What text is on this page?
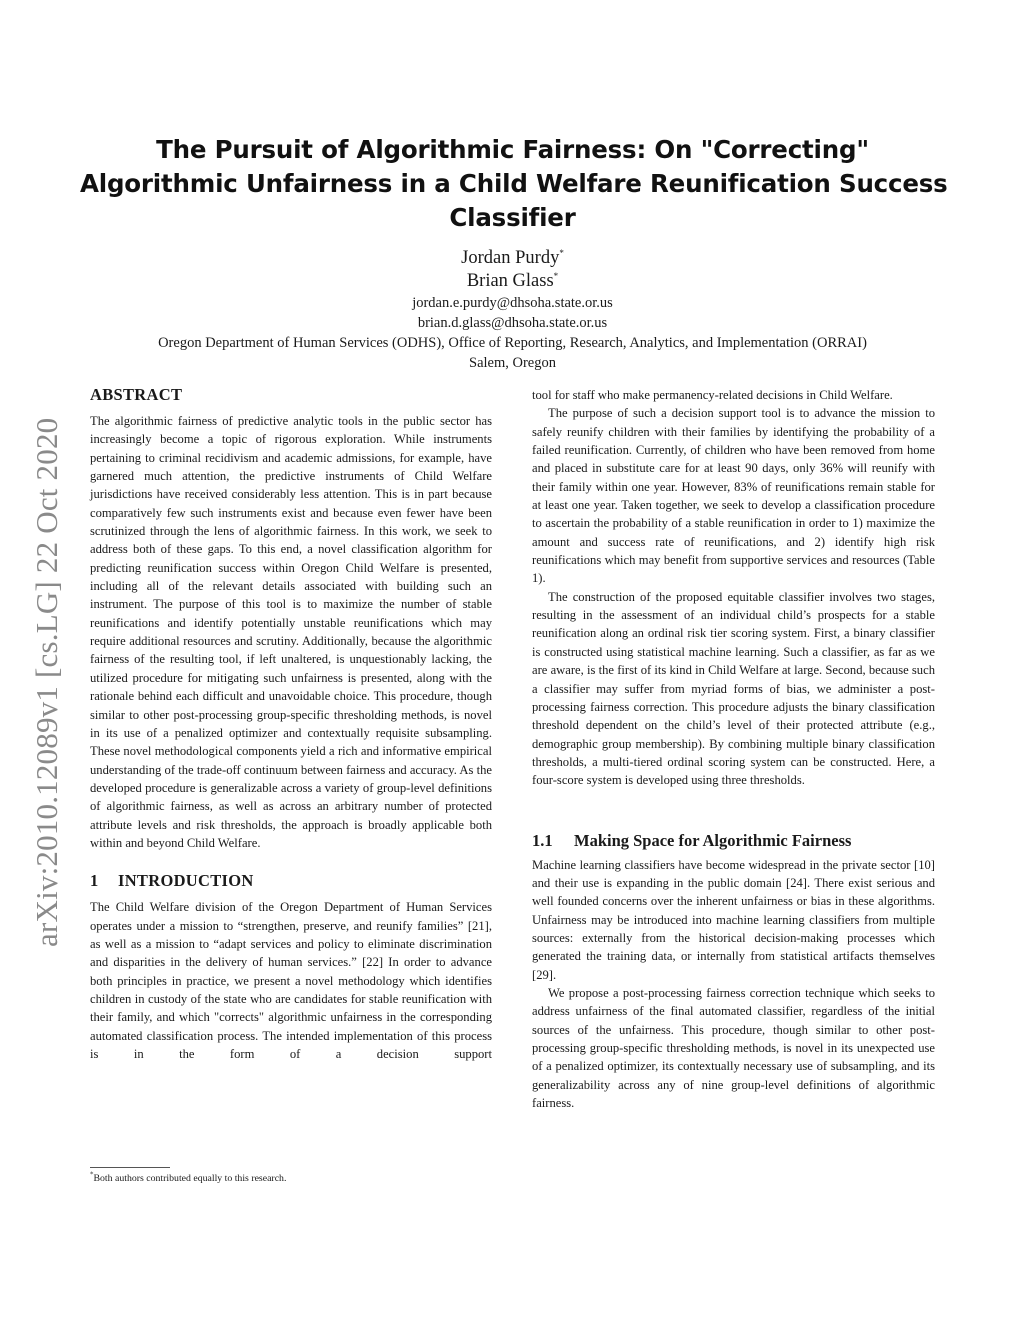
arXiv:2010.12089v1 [cs.LG] 22 Oct 2020
The Pursuit of Algorithmic Fairness: On "Correcting"
Algorithmic Unfairness in a Child Welfare Reunification Success
Classifier
Jordan Purdy*
Brian Glass*
jordan.e.purdy@dhsoha.state.or.us
brian.d.glass@dhsoha.state.or.us
Oregon Department of Human Services (ODHS), Office of Reporting, Research, Analytics, and Implementation (ORRAI)
Salem, Oregon
ABSTRACT

The algorithmic fairness of predictive analytic tools in the public sector has increasingly become a topic of rigorous exploration. While instruments pertaining to criminal recidivism and academic admissions, for example, have garnered much attention, the predictive instruments of Child Welfare jurisdictions have received considerably less attention. This is in part because comparatively few such instruments exist and because even fewer have been scrutinized through the lens of algorithmic fairness. In this work, we seek to address both of these gaps. To this end, a novel classification algorithm for predicting reunification success within Oregon Child Welfare is presented, including all of the relevant details associated with building such an instrument. The purpose of this tool is to maximize the number of stable reunifications and identify potentially unstable reunifications which may require additional resources and scrutiny. Additionally, because the algorithmic fairness of the resulting tool, if left unaltered, is unquestionably lacking, the utilized procedure for mitigating such unfairness is presented, along with the rationale behind each difficult and unavoidable choice. This procedure, though similar to other post-processing group-specific thresholding methods, is novel in its use of a penalized optimizer and contextually requisite subsampling. These novel methodological components yield a rich and informative empirical understanding of the trade-off continuum between fairness and accuracy. As the developed procedure is generalizable across a variety of group-level definitions of algorithmic fairness, as well as across an arbitrary number of protected attribute levels and risk thresholds, the approach is broadly applicable both within and beyond Child Welfare.

1 INTRODUCTION

The Child Welfare division of the Oregon Department of Human Services operates under a mission to “strengthen, preserve, and reunify families” [21], as well as a mission to “adapt services and policy to eliminate discrimination and disparities in the delivery of human services.” [22] In order to advance both principles in practice, we present a novel methodology which identifies children in custody of the state who are candidates for stable reunification with their family, and which "corrects" algorithmic unfairness in the corresponding automated classification process. The intended implementation of this process is in the form of a decision support

tool for staff who make permanency-related decisions in Child Welfare.

The purpose of such a decision support tool is to advance the mission to safely reunify children with their families by identifying the probability of a failed reunification. Currently, of children who have been removed from home and placed in substitute care for at least 90 days, only 36% will reunify with their family within one year. However, 83% of reunifications remain stable for at least one year. Taken together, we seek to develop a classification procedure to ascertain the probability of a stable reunification in order to 1) maximize the amount and success rate of reunifications, and 2) identify high risk reunifications which may benefit from supportive services and resources (Table 1).

The construction of the proposed equitable classifier involves two stages, resulting in the assessment of an individual child’s prospects for a stable reunification along an ordinal risk tier scoring system. First, a binary classifier is constructed using statistical machine learning. Such a classifier, as far as we are aware, is the first of its kind in Child Welfare at large. Second, because such a classifier may suffer from myriad forms of bias, we administer a post-processing fairness correction. This procedure adjusts the binary classification threshold dependent on the child’s level of their protected attribute (e.g., demographic group membership). By combining multiple binary classification thresholds, a multi-tiered ordinal scoring system can be constructed. Here, a four-score system is developed using three thresholds.

1.1 Making Space for Algorithmic Fairness

Machine learning classifiers have become widespread in the private sector [10] and their use is expanding in the public domain [24]. There exist serious and well founded concerns over the inherent unfairness or bias in these algorithms. Unfairness may be introduced into machine learning classifiers from multiple sources: externally from the historical decision-making processes which generated the training data, or internally from statistical artifacts themselves [29].

We propose a post-processing fairness correction technique which seeks to address unfairness of the final automated classifier, regardless of the initial sources of the unfairness. This procedure, though similar to other post-processing group-specific thresholding methods, is novel in its unexpected use of a penalized optimizer, its contextually necessary use of subsampling, and its generalizability across any of nine group-level definitions of algorithmic fairness.

*Both authors contributed equally to this research.
